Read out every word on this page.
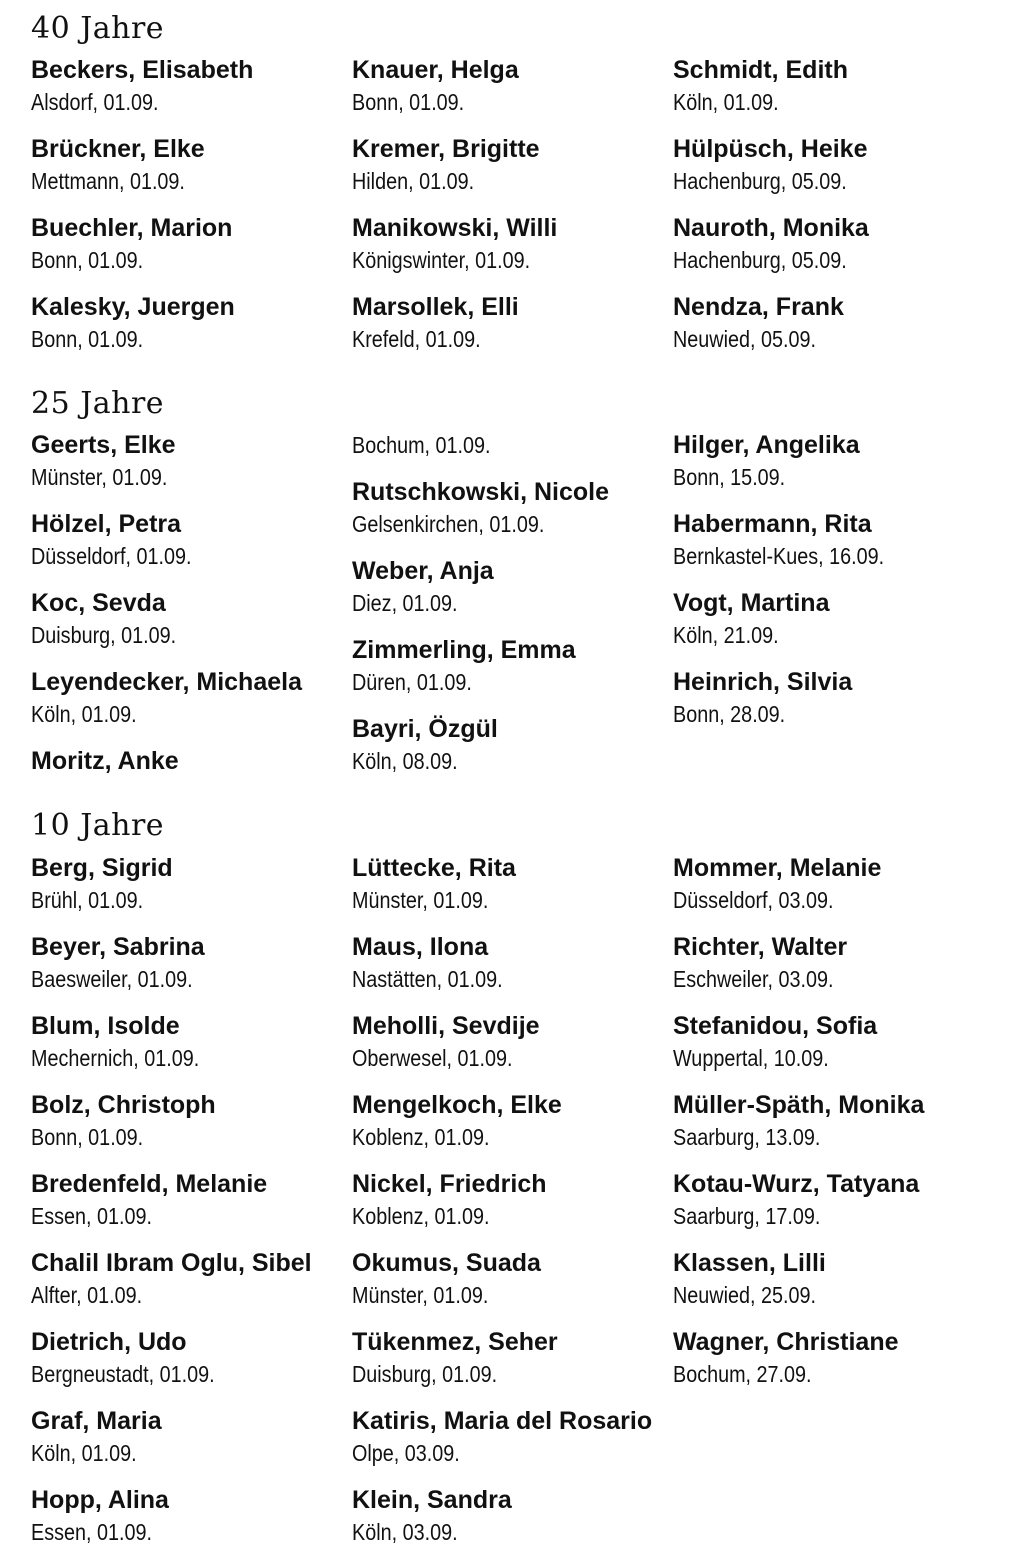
40 Jahre
Beckers, Elisabeth
Alsdorf, 01.09.
Brückner, Elke
Mettmann, 01.09.
Buechler, Marion
Bonn, 01.09.
Kalesky, Juergen
Bonn, 01.09.
Knauer, Helga
Bonn, 01.09.
Kremer, Brigitte
Hilden, 01.09.
Manikowski, Willi
Königswinter, 01.09.
Marsollek, Elli
Krefeld, 01.09.
Schmidt, Edith
Köln, 01.09.
Hülpüsch, Heike
Hachenburg, 05.09.
Nauroth, Monika
Hachenburg, 05.09.
Nendza, Frank
Neuwied, 05.09.
25 Jahre
Geerts, Elke
Münster, 01.09.
Hölzel, Petra
Düsseldorf, 01.09.
Koc, Sevda
Duisburg, 01.09.
Leyendecker, Michaela
Köln, 01.09.
Moritz, Anke
Bochum, 01.09.
Rutschkowski, Nicole
Gelsenkirchen, 01.09.
Weber, Anja
Diez, 01.09.
Zimmerling, Emma
Düren, 01.09.
Bayri, Özgül
Köln, 08.09.
Hilger, Angelika
Bonn, 15.09.
Habermann, Rita
Bernkastel-Kues, 16.09.
Vogt, Martina
Köln, 21.09.
Heinrich, Silvia
Bonn, 28.09.
10 Jahre
Berg, Sigrid
Brühl, 01.09.
Beyer, Sabrina
Baesweiler, 01.09.
Blum, Isolde
Mechernich, 01.09.
Bolz, Christoph
Bonn, 01.09.
Bredenfeld, Melanie
Essen, 01.09.
Chalil Ibram Oglu, Sibel
Alfter, 01.09.
Dietrich, Udo
Bergneustadt, 01.09.
Graf, Maria
Köln, 01.09.
Hopp, Alina
Essen, 01.09.
Lüttecke, Rita
Münster, 01.09.
Maus, Ilona
Nastätten, 01.09.
Meholli, Sevdije
Oberwesel, 01.09.
Mengelkoch, Elke
Koblenz, 01.09.
Nickel, Friedrich
Koblenz, 01.09.
Okumus, Suada
Münster, 01.09.
Tükenmez, Seher
Duisburg, 01.09.
Katiris, Maria del Rosario
Olpe, 03.09.
Klein, Sandra
Köln, 03.09.
Mommer, Melanie
Düsseldorf, 03.09.
Richter, Walter
Eschweiler, 03.09.
Stefanidou, Sofia
Wuppertal, 10.09.
Müller-Späth, Monika
Saarburg, 13.09.
Kotau-Wurz, Tatyana
Saarburg, 17.09.
Klassen, Lilli
Neuwied, 25.09.
Wagner, Christiane
Bochum, 27.09.
